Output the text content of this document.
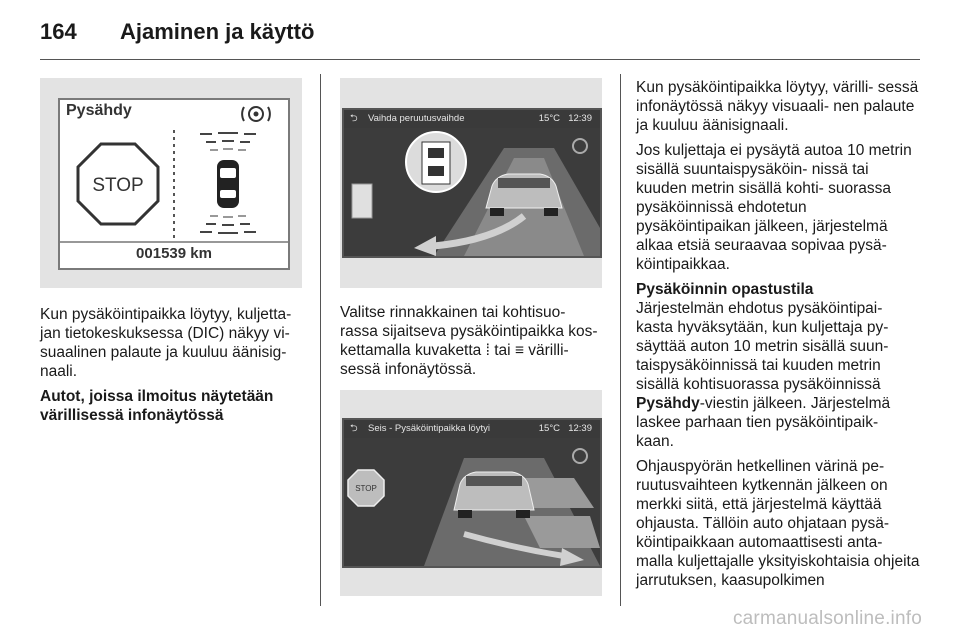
164 Ajaminen ja käyttö
Pysähdy
STOP
001539 km

Kun pysäköintipaikka löytyy, kuljetta- jan tietokeskuksessa (DIC) näkyy vi- suaalinen palaute ja kuuluu äänisig- naali.

Autot, joissa ilmoitus näytetään värillisessä infonäytössä

⮌ Vaihda peruutusvaihde	15°C 12:39

Valitse rinnakkainen tai kohtisuo- rassa sijaitseva pysäköintipaikka kos- kettamalla kuvaketta ⁞ tai ≡ värilli- sessä infonäytössä.

⮌ Seis - Pysäköintipaikka löytyi	15°C 12:39
STOP

Kun pysäköintipaikka löytyy, värilli- sessä infonäytössä näkyy visuaali- nen palaute ja kuuluu äänisignaali.

Jos kuljettaja ei pysäytä autoa 10 metrin sisällä suuntaispysäköin- nissä tai kuuden metrin sisällä kohti- suorassa pysäköinnissä ehdotetun pysäköintipaikan jälkeen, järjestelmä alkaa etsiä seuraavaa sopivaa pysä- köintipaikkaa.

Pysäköinnin opastustila

Järjestelmän ehdotus pysäköintipai- kasta hyväksytään, kun kuljettaja py- säyttää auton 10 metrin sisällä suun- taispysäköinnissä tai kuuden metrin sisällä kohtisuorassa pysäköinnissä Pysähdy-viestin jälkeen. Järjestelmä laskee parhaan tien pysäköintipaik- kaan.

Ohjauspyörän hetkellinen värinä pe- ruutusvaihteen kytkennän jälkeen on merkki siitä, että järjestelmä käyttää ohjausta. Tällöin auto ohjataan pysä- köintipaikkaan automaattisesti anta- malla kuljettajalle yksityiskohtaisia ohjeita jarrutuksen, kaasupolkimen

carmanualsonline.info
